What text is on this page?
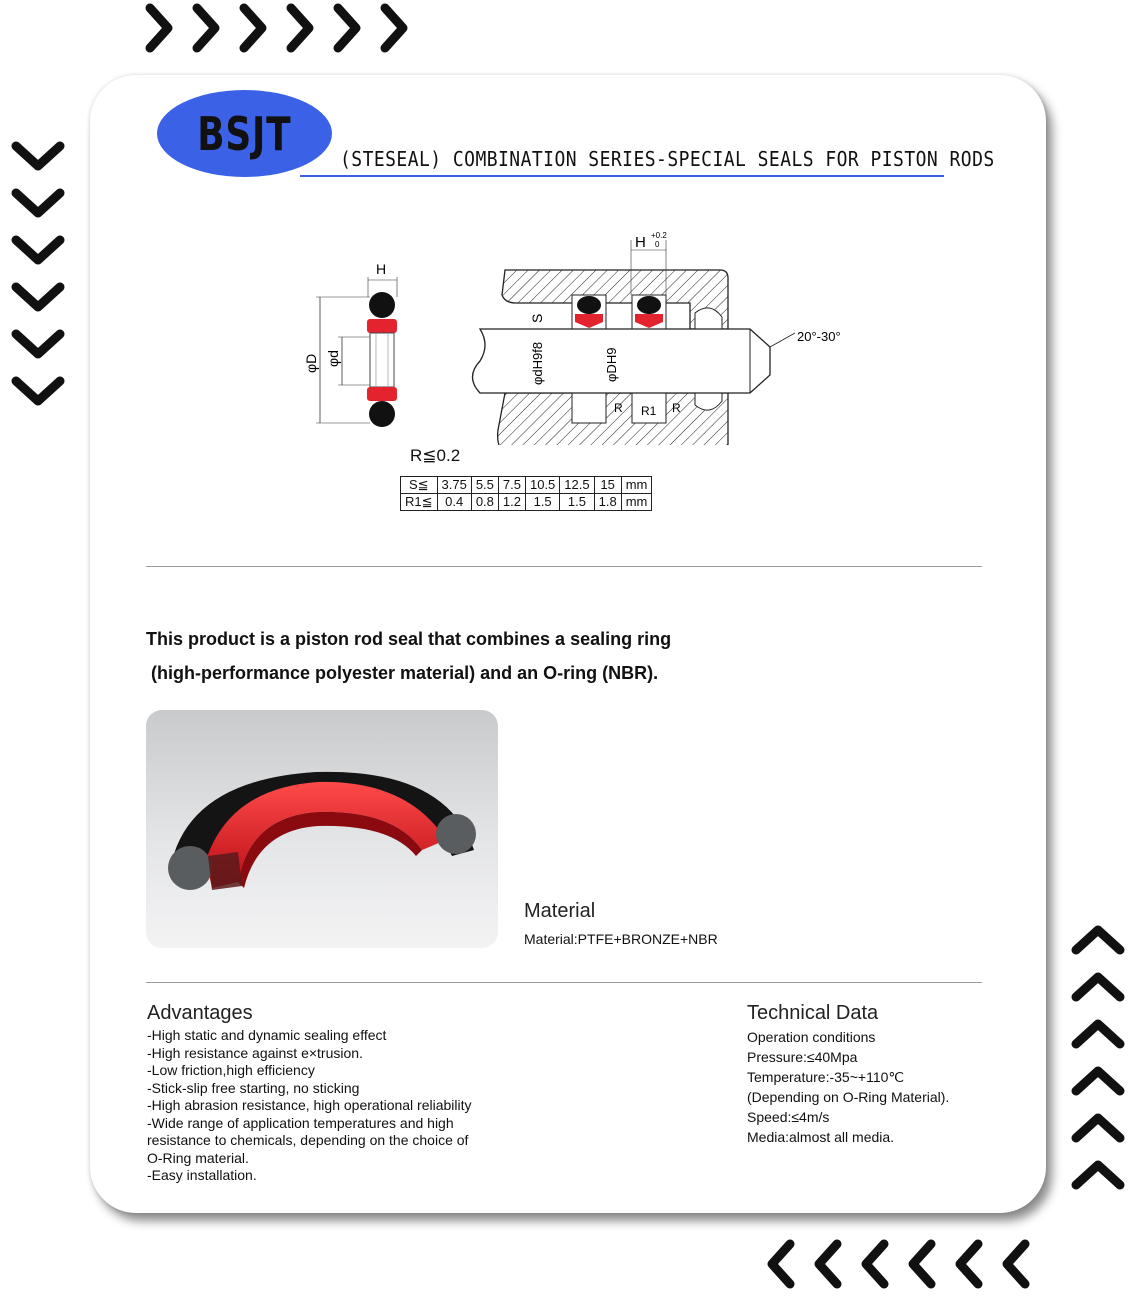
BSJT (STESEAL) COMBINATION SERIES-SPECIAL SEALS FOR PISTON RODS
H
φD φd
H +0.2
0
S
φdH9f8	φDH9
R R1 R
20°-30°
R≦0.2
S≦	3.75	5.5	7.5	10.5	12.5	15	mm
R1≦	0.4	0.8	1.2	1.5	1.5	1.8	mm
This product is a piston rod seal that combines a sealing ring
(high-performance polyester material) and an O-ring (NBR).
Material
Material:PTFE+BRONZE+NBR
Advantages
-High static and dynamic sealing effect
-High resistance against e×trusion.
-Low friction,high efficiency
-Stick-slip free starting, no sticking
-High abrasion resistance, high operational reliability
-Wide range of application temperatures and high
resistance to chemicals, depending on the choice of
O-Ring material.
-Easy installation.
Technical Data
Operation conditions
Pressure:≤40Mpa
Temperature:-35~+110℃
(Depending on O-Ring Material).
Speed:≤4m/s
Media:almost all media.
